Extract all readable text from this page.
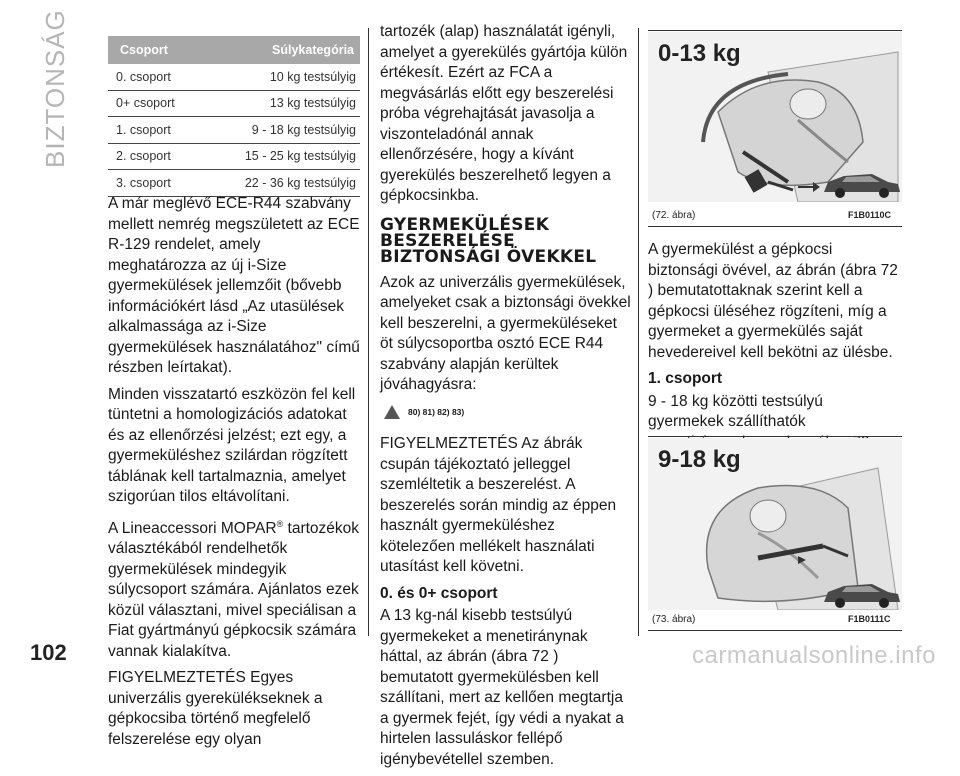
BIZTONSÁG
102
Csoport	Súlykategória
0. csoport	10 kg testsúlyig
0+ csoport	13 kg testsúlyig
1. csoport	9 - 18 kg testsúlyig
2. csoport	15 - 25 kg testsúlyig
3. csoport	22 - 36 kg testsúlyig

A már meglévő ECE-R44 szabvány mellett nemrég megszületett az ECE R-129 rendelet, amely meghatározza az új i-Size gyermekülések jellemzőit (bővebb információkért lásd „Az utasülések alkalmassága az i-Size gyermekülések használatához" című részben leírtakat).

Minden visszatartó eszközön fel kell tüntetni a homologizációs adatokat és az ellenőrzési jelzést; ezt egy, a gyermeküléshez szilárdan rögzített táblának kell tartalmaznia, amelyet szigorúan tilos eltávolítani.

A Lineaccessori MOPAR® tartozékok választékából rendelhetők gyermekülések mindegyik súlycsoport számára. Ajánlatos ezek közül választani, mivel speciálisan a Fiat gyártmányú gépkocsik számára vannak kialakítva.

FIGYELMEZTETÉS Egyes univerzális gyerekülékseknek a gépkocsiba történő megfelelő felszerelése egy olyan

tartozék (alap) használatát igényli, amelyet a gyerekülés gyártója külön értékesít. Ezért az FCA a megvásárlás előtt egy beszerelési próba végrehajtását javasolja a viszonteladónál annak ellenőrzésére, hogy a kívánt gyerekülés beszerelhető legyen a gépkocsinkba.

GYERMEKÜLÉSEK BESZERELÉSE BIZTONSÁGI ÖVEKKEL

Azok az univerzális gyermekülések, amelyeket csak a biztonsági övekkel kell beszerelni, a gyermeküléseket öt súlycsoportba osztó ECE R44 szabvány alapján kerültek jóváhagyásra:

80) 81) 82) 83)

FIGYELMEZTETÉS Az ábrák csupán tájékoztató jelleggel szemléltetik a beszerelést. A beszerelés során mindig az éppen használt gyermeküléshez kötelezően mellékelt használati utasítást kell követni.

0. és 0+ csoport

A 13 kg-nál kisebb testsúlyú gyermekeket a menetiránynak háttal, az ábrán (ábra 72 ) bemutatott gyermekülésben kell szállítani, mert az kellően megtartja a gyermek fejét, így védi a nyakat a hirtelen lassuláskor fellépő igénybevétellel szemben.

0-13 kg
(72. ábra)	F1B0110C

A gyermekülést a gépkocsi biztonsági övével, az ábrán (ábra 72 ) bemutatottaknak szerint kell a gépkocsi üléséhez rögzíteni, míg a gyermeket a gyermekülés saját hevedereivel kell bekötni az ülésbe.

1. csoport

9 - 18 kg közötti testsúlyú gyermekek szállíthatók

9-18 kg
(73. ábra)	F1B0111C
carmanualsonline.info
